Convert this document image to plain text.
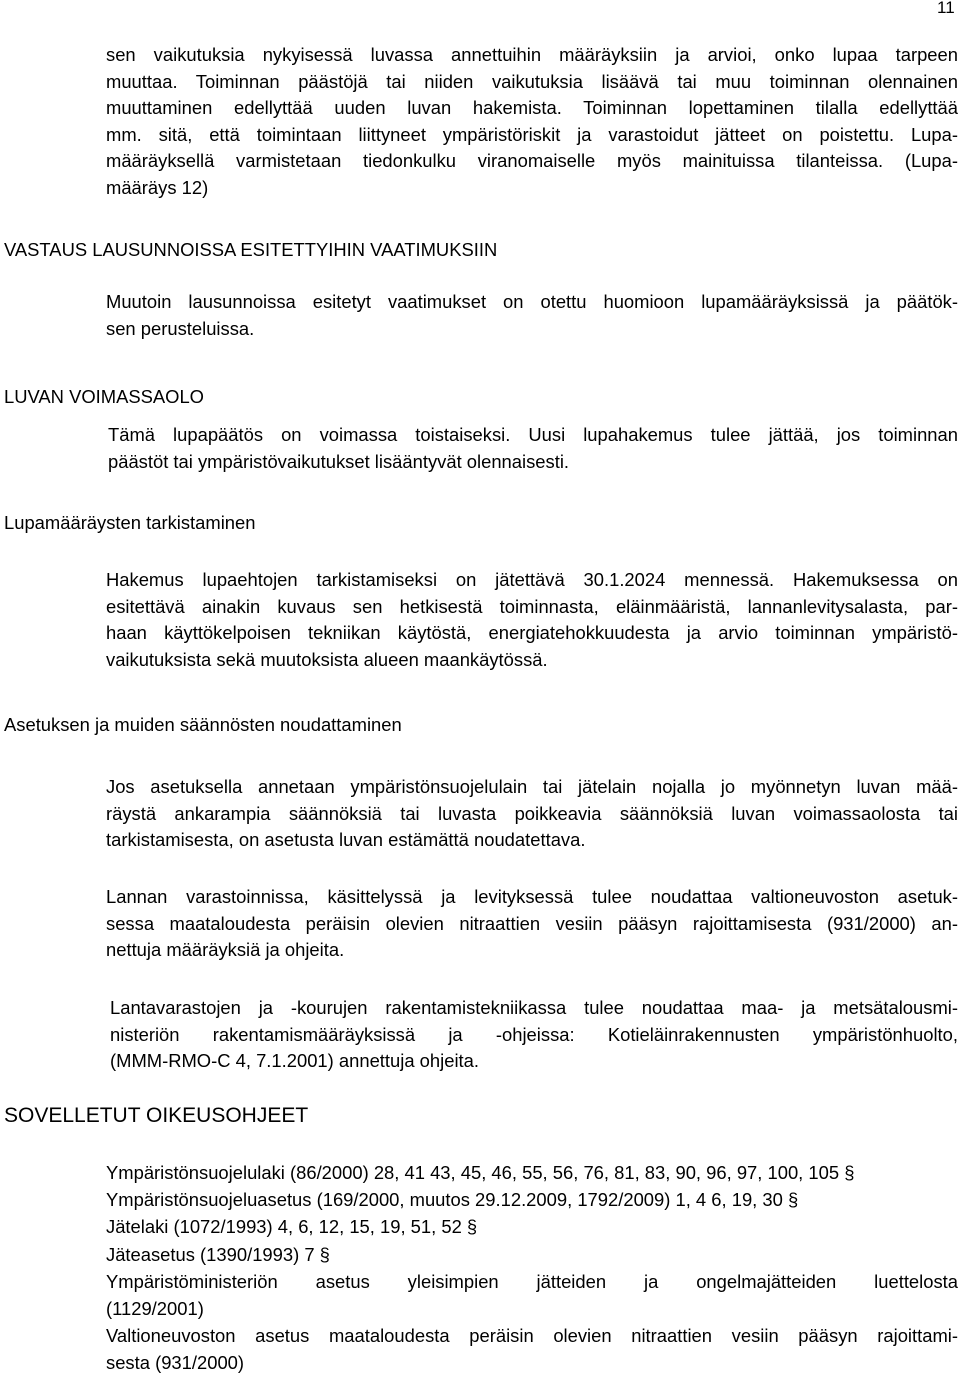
11
sen vaikutuksia nykyisessä luvassa annettuihin määräyksiin ja arvioi, onko lupaa tarpeen
muuttaa. Toiminnan päästöjä tai niiden vaikutuksia lisäävä tai muu toiminnan olennainen
muuttaminen edellyttää uuden luvan hakemista. Toiminnan lopettaminen tilalla edellyttää
mm. sitä, että toimintaan liittyneet ympäristöriskit ja varastoidut jätteet on poistettu. Lupa-
määräyksellä varmistetaan tiedonkulku viranomaiselle myös mainituissa tilanteissa. (Lupa-
määräys 12)
VASTAUS LAUSUNNOISSA ESITETTYIHIN VAATIMUKSIIN
Muutoin lausunnoissa esitetyt vaatimukset on otettu huomioon lupamääräyksissä ja päätök-
sen perusteluissa.
LUVAN VOIMASSAOLO
Tämä lupapäätös on voimassa toistaiseksi. Uusi lupahakemus tulee jättää, jos toiminnan
päästöt tai ympäristövaikutukset lisääntyvät olennaisesti.
Lupamääräysten tarkistaminen
Hakemus lupaehtojen tarkistamiseksi on jätettävä 30.1.2024 mennessä. Hakemuksessa on
esitettävä ainakin kuvaus sen hetkisestä toiminnasta, eläinmääristä, lannanlevitysalasta, par-
haan käyttökelpoisen tekniikan käytöstä, energiatehokkuudesta ja arvio toiminnan ympäristö-
vaikutuksista sekä muutoksista alueen maankäytössä.
Asetuksen ja muiden säännösten noudattaminen
Jos asetuksella annetaan ympäristönsuojelulain tai jätelain nojalla jo myönnetyn luvan mää-
räystä ankarampia säännöksiä tai luvasta poikkeavia säännöksiä luvan voimassaolosta tai
tarkistamisesta, on asetusta luvan estämättä noudatettava.
Lannan varastoinnissa, käsittelyssä ja levityksessä tulee noudattaa valtioneuvoston asetuk-
sessa maataloudesta peräisin olevien nitraattien vesiin pääsyn rajoittamisesta (931/2000) an-
nettuja määräyksiä ja ohjeita.
Lantavarastojen ja -kourujen rakentamistekniikassa tulee noudattaa maa- ja metsätalousmi-
nisteriön rakentamismääräyksissä ja -ohjeissa: Kotieläinrakennusten ympäristönhuolto,
(MMM-RMO-C 4, 7.1.2001) annettuja ohjeita.
SOVELLETUT OIKEUSOHJEET
Ympäristönsuojelulaki (86/2000) 28, 41 43, 45, 46, 55, 56, 76, 81, 83, 90, 96, 97, 100, 105 §
Ympäristönsuojeluasetus (169/2000, muutos 29.12.2009, 1792/2009) 1, 4 6, 19, 30 §
Jätelaki (1072/1993) 4, 6, 12, 15, 19, 51, 52 §
Jäteasetus (1390/1993) 7 §
Ympäristöministeriön asetus yleisimpien jätteiden ja ongelmajätteiden luettelosta
(1129/2001)
Valtioneuvoston asetus maataloudesta peräisin olevien nitraattien vesiin pääsyn rajoittami-
sesta (931/2000)
